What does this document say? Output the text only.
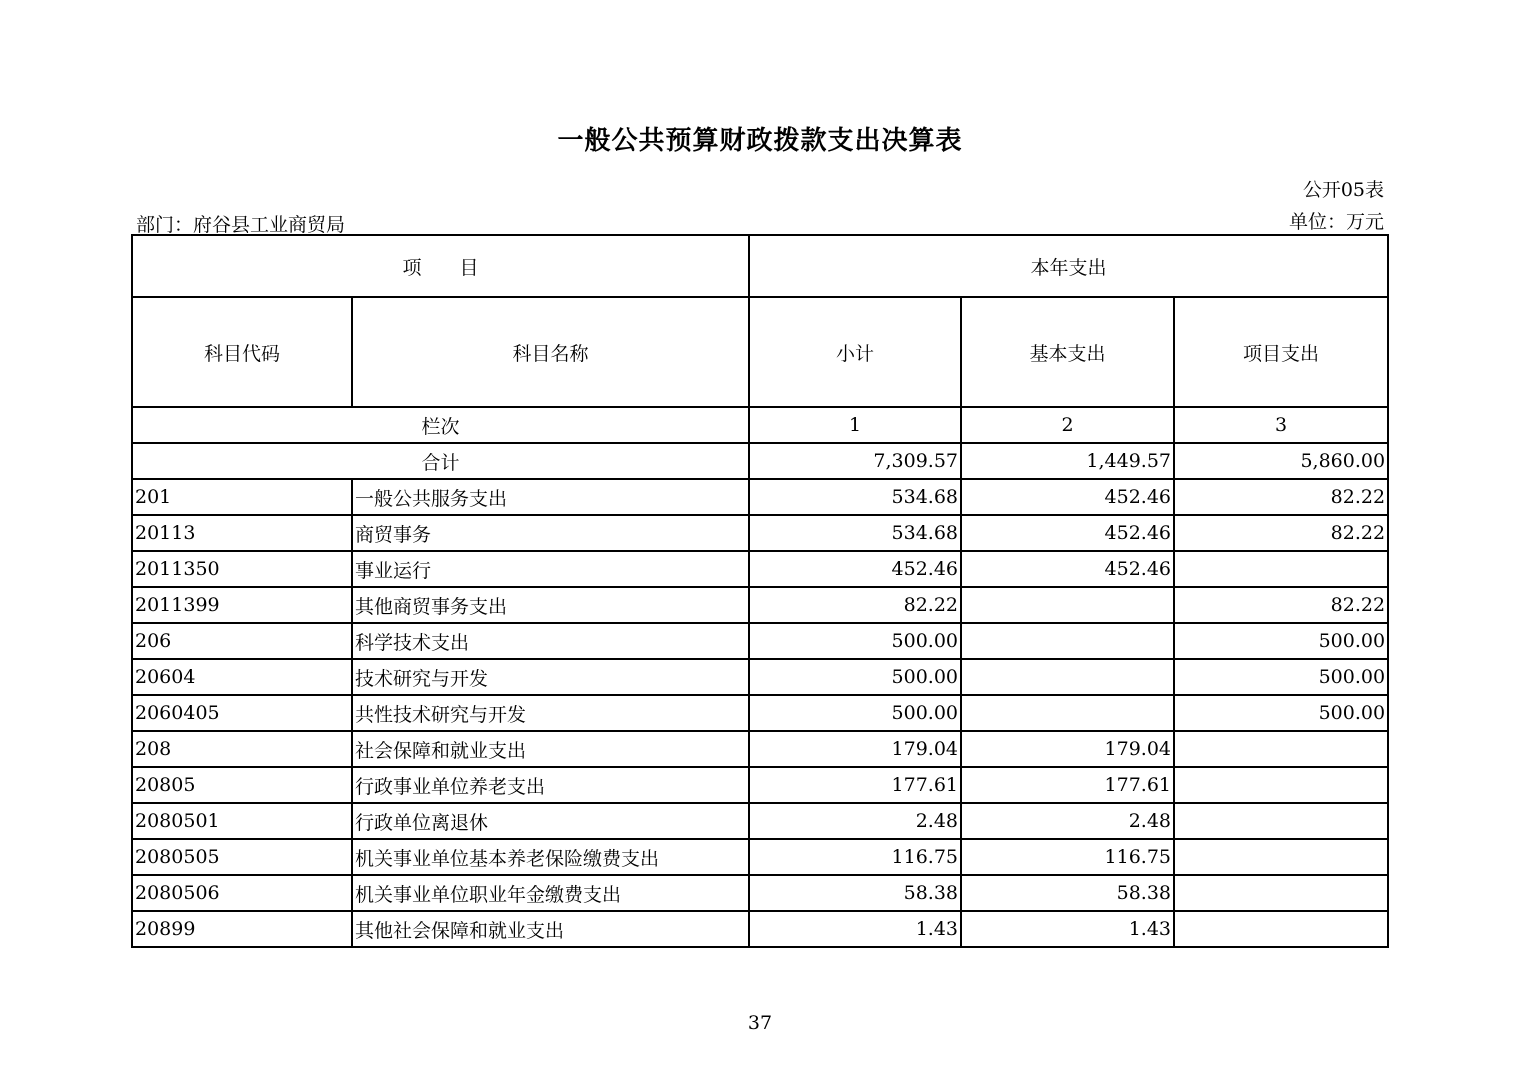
一般公共预算财政拨款支出决算表
公开05表
部门：府谷县工业商贸局	单位：万元
项　　目		本年支出		
科目代码	科目名称	小计	基本支出	项目支出
栏次		1	2	3
合计		7,309.57	1,449.57	5,860.00
201	一般公共服务支出	534.68	452.46	82.22
20113	商贸事务	534.68	452.46	82.22
2011350	事业运行	452.46	452.46	
2011399	其他商贸事务支出	82.22		82.22
206	科学技术支出	500.00		500.00
20604	技术研究与开发	500.00		500.00
2060405	共性技术研究与开发	500.00		500.00
208	社会保障和就业支出	179.04	179.04	
20805	行政事业单位养老支出	177.61	177.61	
2080501	行政单位离退休	2.48	2.48	
2080505	机关事业单位基本养老保险缴费支出	116.75	116.75	
2080506	机关事业单位职业年金缴费支出	58.38	58.38	
20899	其他社会保障和就业支出	1.43	1.43	
37
